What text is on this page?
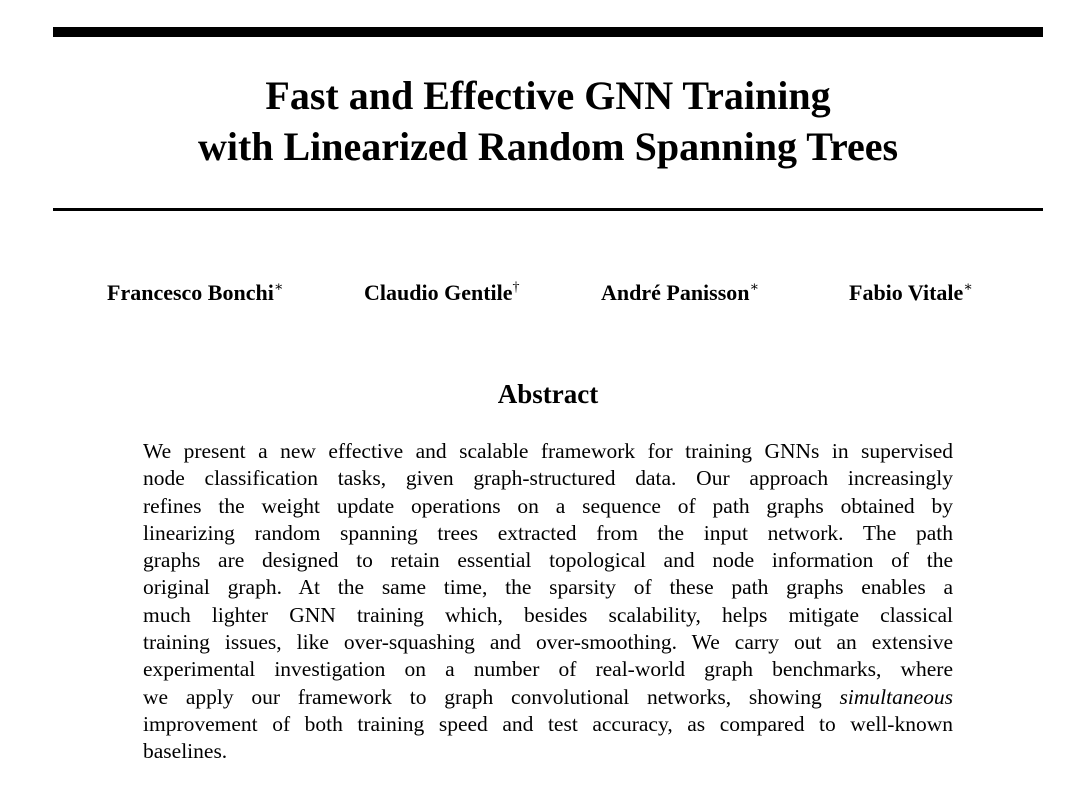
Fast and Effective GNN Training
with Linearized Random Spanning Trees
Francesco Bonchi∗	Claudio Gentile†	André Panisson∗	Fabio Vitale∗
Abstract
We present a new effective and scalable framework for training GNNs in supervised
node classification tasks, given graph-structured data. Our approach increasingly
refines the weight update operations on a sequence of path graphs obtained by
linearizing random spanning trees extracted from the input network. The path
graphs are designed to retain essential topological and node information of the
original graph. At the same time, the sparsity of these path graphs enables a
much lighter GNN training which, besides scalability, helps mitigate classical
training issues, like over-squashing and over-smoothing. We carry out an extensive
experimental investigation on a number of real-world graph benchmarks, where
we apply our framework to graph convolutional networks, showing simultaneous
improvement of both training speed and test accuracy, as compared to well-known
baselines.
